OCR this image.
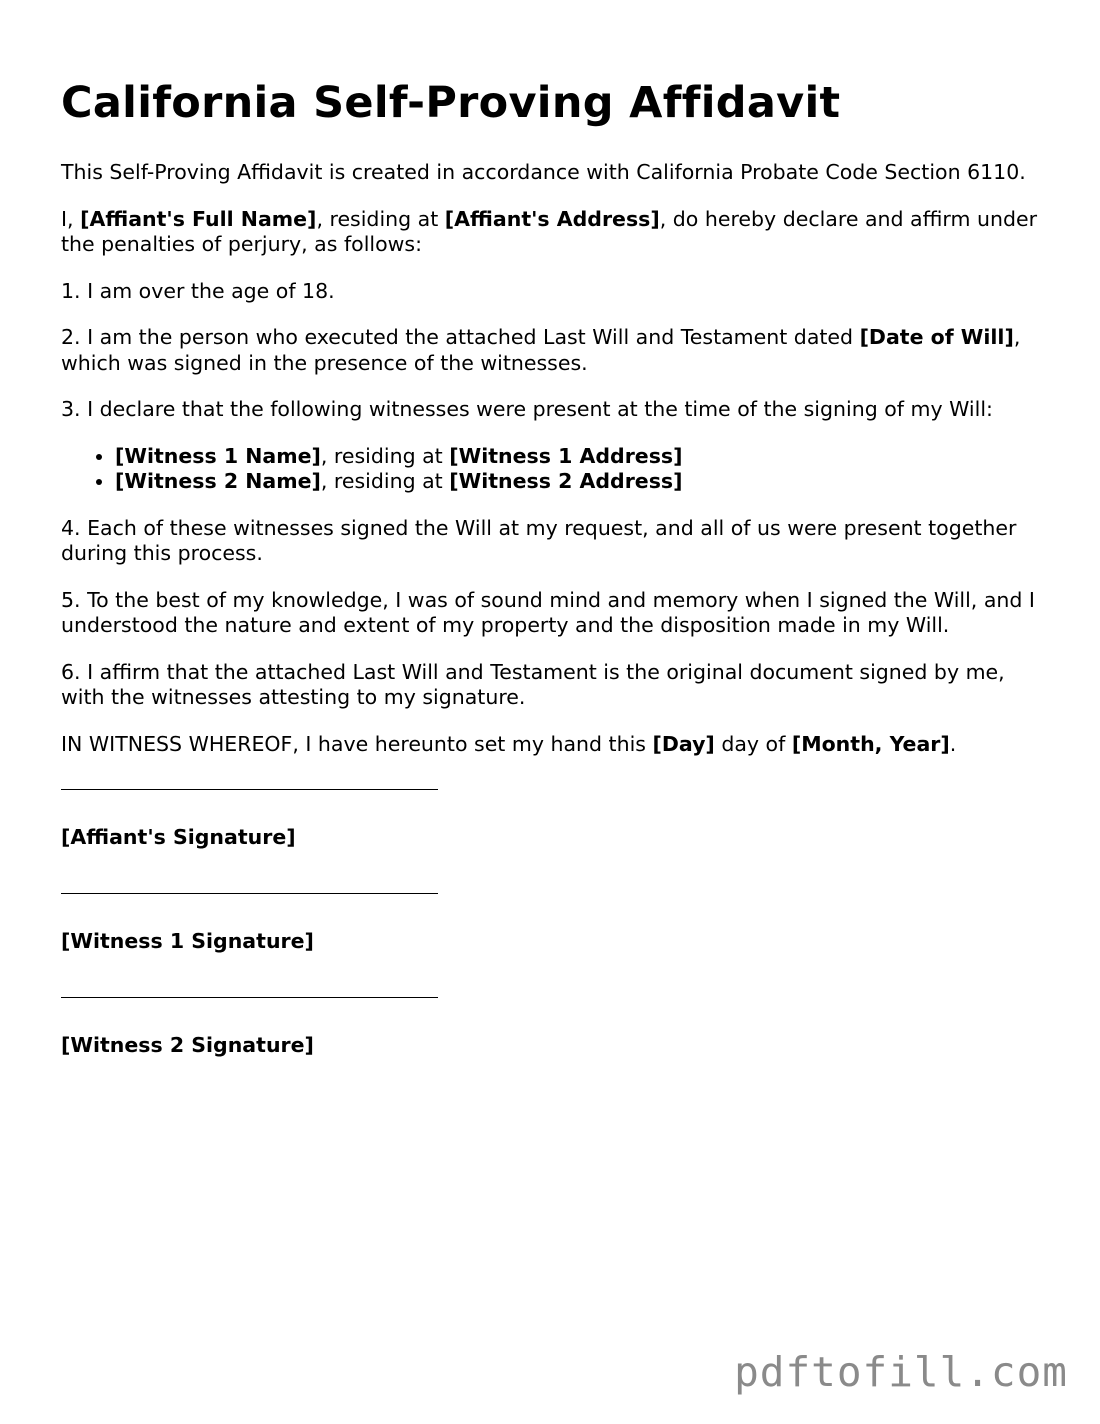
California Self-Proving Affidavit

This Self-Proving Affidavit is created in accordance with California Probate Code Section 6110.

I, [Affiant's Full Name], residing at [Affiant's Address], do hereby declare and affirm under the penalties of perjury, as follows:

1. I am over the age of 18.

2. I am the person who executed the attached Last Will and Testament dated [Date of Will], which was signed in the presence of the witnesses.

3. I declare that the following witnesses were present at the time of the signing of my Will:

• [Witness 1 Name], residing at [Witness 1 Address]
• [Witness 2 Name], residing at [Witness 2 Address]

4. Each of these witnesses signed the Will at my request, and all of us were present together during this process.

5. To the best of my knowledge, I was of sound mind and memory when I signed the Will, and I understood the nature and extent of my property and the disposition made in my Will.

6. I affirm that the attached Last Will and Testament is the original document signed by me, with the witnesses attesting to my signature.

IN WITNESS WHEREOF, I have hereunto set my hand this [Day] day of [Month, Year].

[Affiant's Signature]
[Witness 1 Signature]
[Witness 2 Signature]
pdftofill.com
